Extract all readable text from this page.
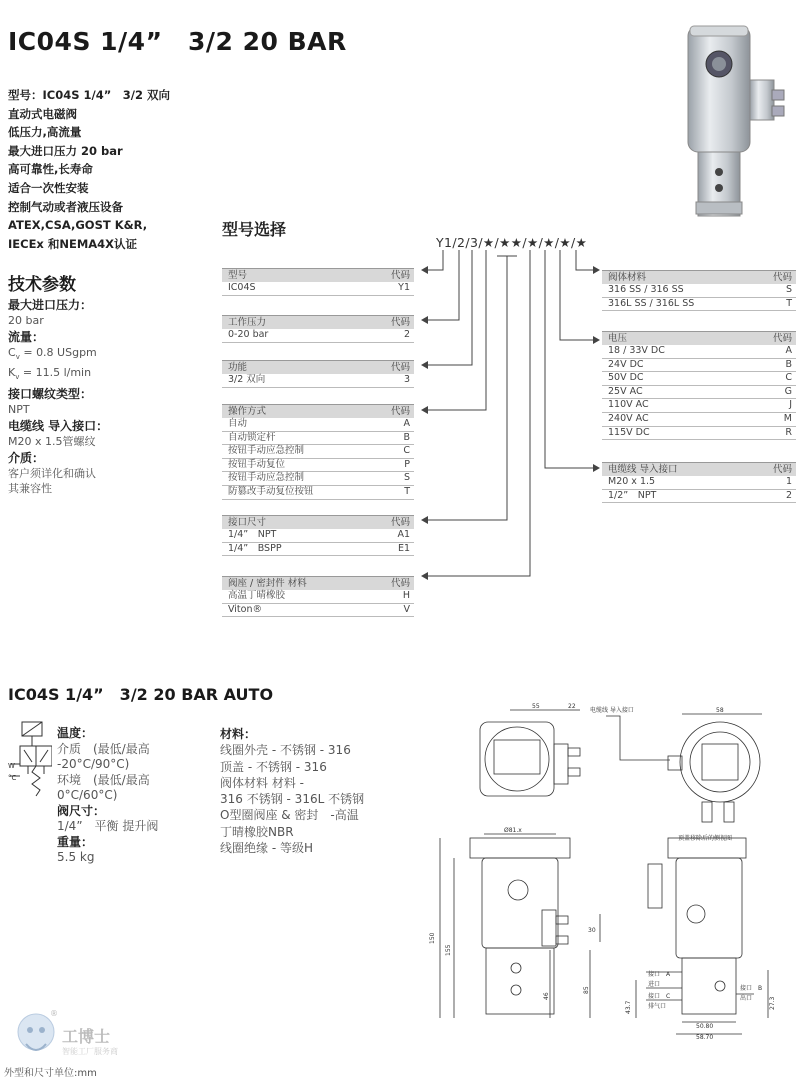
IC04S 1/4”　3/2 20 BAR
型号：IC04S 1/4”　3/2 双向
直动式电磁阀
低压力,高流量
最大进口压力 20 bar
高可靠性,长寿命
适合一次性安装
控制气动或者液压设备
ATEX,CSA,GOST K&R,
IECEx 和NEMA4X认证
技术参数
最大进口压力：
20 bar
流量：
$C_v = 0.8$ USgpm
$K_v = 11.5$ l/min
接口螺纹类型：
NPT
电缆线 导入接口：
M20 x 1.5管螺纹
介质：
客户须详化和确认
其兼容性
型号选择
Y1/2/3/★/★★/★/★/★/★
型号	代码
IC04S	Y1
工作压力	代码
0-20 bar	2
功能	代码
3/2 双向	3
操作方式	代码
自动	A
自动锁定杆	B
按钮手动应急控制	C
按钮手动复位	P
按钮手动应急控制	S
防篡改手动复位按钮	T
接口尺寸	代码
1/4”　NPT	A1
1/4”　BSPP	E1
阀座 / 密封件 材料	代码
高温丁晴橡胶	H
Viton®	V
阀体材料	代码
316 SS / 316 SS	S
316L SS / 316L SS	T
电压	代码
18 / 33V DC	A
24V DC	B
50V DC	C
25V AC	G
110V AC	J
240V AC	M
115V DC	R
电缆线 导入接口	代码
M20 x 1.5	1
1/2”　NPT	2
IC04S 1/4”　3/2 20 BAR AUTO
W
°C
温度：
介质　(最低/最高
-20°C/90°C)
环境　(最低/最高
0°C/60°C)
阀尺寸：
1/4”　平衡 提升阀
重量：
5.5 kg
材料：
线圈外壳 - 不锈钢 - 316
顶盖 - 不锈钢 - 316
阀体材料 材料 -
316 不锈钢 - 316L 不锈钢
O型圈阀座 & 密封　-高温
丁晴橡胶NBR
线圈绝缘 - 等级H
55	22
电缆线 导入接口	58
顶盖移除后的侧视图
Ø81.x
150
155
30
46
85
接口　A
进口
接口　C
排气口
接口　B
出口
43.7	27.3
50.80
58.70
®
工博士
智能工厂服务商
外型和尺寸单位:mm
